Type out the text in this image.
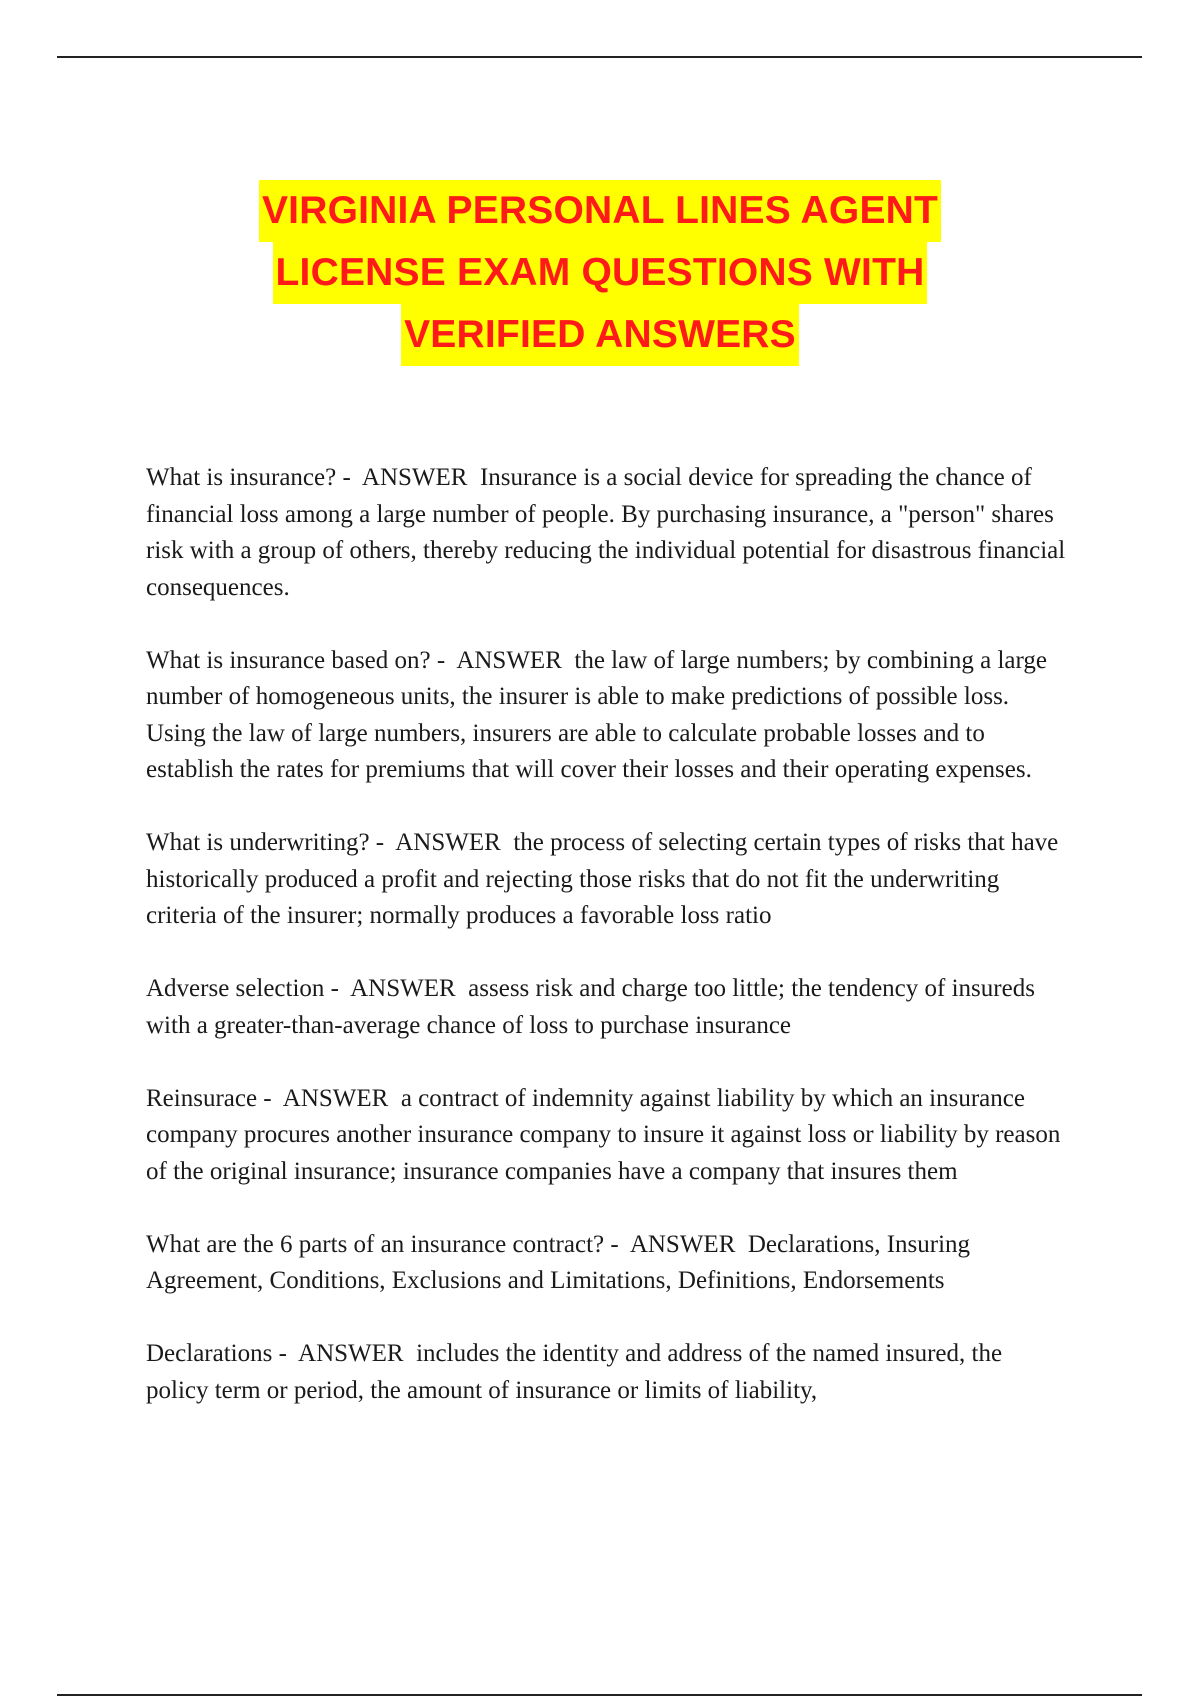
VIRGINIA PERSONAL LINES AGENT
LICENSE EXAM QUESTIONS WITH
VERIFIED ANSWERS

What is insurance? - ANSWER Insurance is a social device for spreading the chance of financial loss among a large number of people. By purchasing insurance, a "person" shares risk with a group of others, thereby reducing the individual potential for disastrous financial consequences.

What is insurance based on? - ANSWER the law of large numbers; by combining a large number of homogeneous units, the insurer is able to make predictions of possible loss. Using the law of large numbers, insurers are able to calculate probable losses and to establish the rates for premiums that will cover their losses and their operating expenses.

What is underwriting? - ANSWER the process of selecting certain types of risks that have historically produced a profit and rejecting those risks that do not fit the underwriting criteria of the insurer; normally produces a favorable loss ratio

Adverse selection - ANSWER assess risk and charge too little; the tendency of insureds with a greater-than-average chance of loss to purchase insurance

Reinsurace - ANSWER a contract of indemnity against liability by which an insurance company procures another insurance company to insure it against loss or liability by reason of the original insurance; insurance companies have a company that insures them

What are the 6 parts of an insurance contract? - ANSWER Declarations, Insuring Agreement, Conditions, Exclusions and Limitations, Definitions, Endorsements

Declarations - ANSWER includes the identity and address of the named insured, the policy term or period, the amount of insurance or limits of liability,
